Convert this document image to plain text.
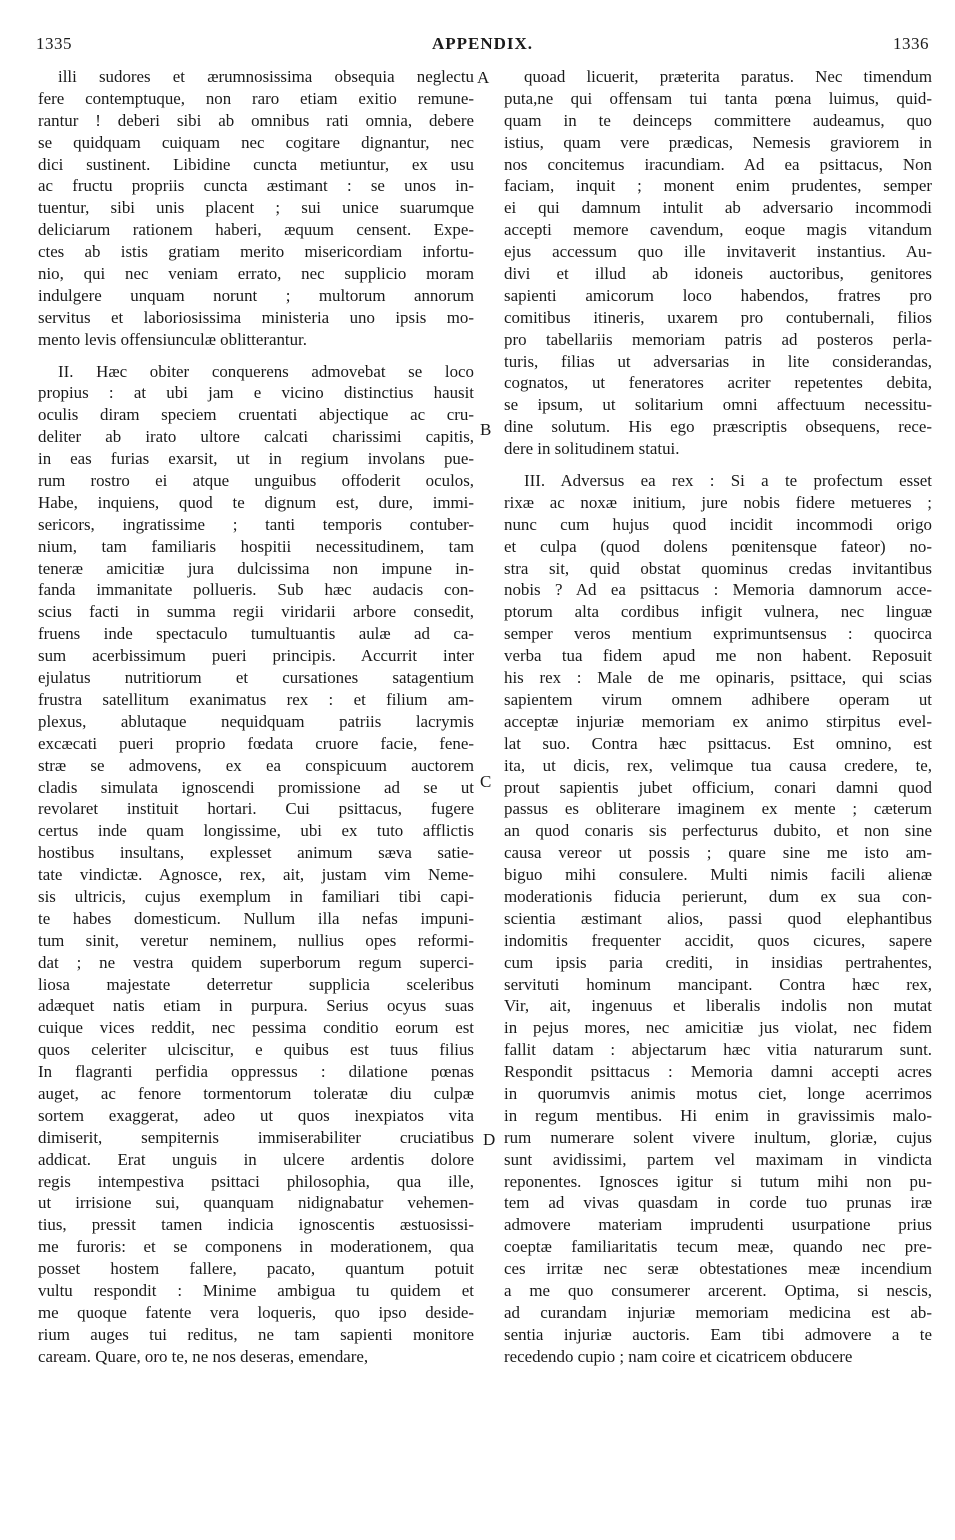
1335	APPENDIX.	1336
A
B
C
D
illi sudores et ærumnosissima obsequia neglectu
fere contemptuque, non raro etiam exitio remune-
rantur ! deberi sibi ab omnibus rati omnia, debere
se quidquam cuiquam nec cogitare dignantur, nec
dici sustinent. Libidine cuncta metiuntur, ex usu
ac fructu propriis cuncta æstimant : se unos in-
tuentur, sibi unis placent ; sui unice suarumque
deliciarum rationem haberi, æquum censent. Expe-
ctes ab istis gratiam merito misericordiam infortu-
nio, qui nec veniam errato, nec supplicio moram
indulgere unquam norunt ; multorum annorum
servitus et laboriosissima ministeria uno ipsis mo-
mento levis offensiunculæ oblitterantur.
II. Hæc obiter conquerens admovebat se loco
propius : at ubi jam e vicino distinctius hausit
oculis diram speciem cruentati abjectique ac cru-
deliter ab irato ultore calcati charissimi capitis,
in eas furias exarsit, ut in regium involans pue-
rum rostro ei atque unguibus offoderit oculos,
Habe, inquiens, quod te dignum est, dure, immi-
sericors, ingratissime ; tanti temporis contuber-
nium, tam familiaris hospitii necessitudinem, tam
teneræ amicitiæ jura dulcissima non impune in-
fanda immanitate pollueris. Sub hæc audacis con-
scius facti in summa regii viridarii arbore consedit,
fruens inde spectaculo tumultuantis aulæ ad ca-
sum acerbissimum pueri principis. Accurrit inter
ejulatus nutritiorum et cursationes satagentium
frustra satellitum exanimatus rex : et filium am-
plexus, ablutaque nequidquam patriis lacrymis
excæcati pueri proprio fœdata cruore facie, fene-
stræ se admovens, ex ea conspicuum auctorem
cladis simulata ignoscendi promissione ad se ut
revolaret instituit hortari. Cui psittacus, fugere
certus inde quam longissime, ubi ex tuto afflictis
hostibus insultans, explesset animum sæva satie-
tate vindictæ. Agnosce, rex, ait, justam vim Neme-
sis ultricis, cujus exemplum in familiari tibi capi-
te habes domesticum. Nullum illa nefas impuni-
tum sinit, veretur neminem, nullius opes reformi-
dat ; ne vestra quidem superborum regum superci-
liosa majestate deterretur supplicia sceleribus
adæquet natis etiam in purpura. Serius ocyus suas
cuique vices reddit, nec pessima conditio eorum est
quos celeriter ulciscitur, e quibus est tuus filius
In flagranti perfidia oppressus : dilatione pœnas
auget, ac fenore tormentorum toleratæ diu culpæ
sortem exaggerat, adeo ut quos inexpiatos vita
dimiserit, sempiternis immiserabiliter cruciatibus
addicat. Erat unguis in ulcere ardentis dolore
regis intempestiva psittaci philosophia, qua ille,
ut irrisione sui, quanquam nidignabatur vehemen-
tius, pressit tamen indicia ignoscentis æstuosissi-
me furoris: et se componens in moderationem, qua
posset hostem fallere, pacato, quantum potuit
vultu respondit : Minime ambigua tu quidem et
me quoque fatente vera loqueris, quo ipso deside-
rium auges tui reditus, ne tam sapienti monitore
caream. Quare, oro te, ne nos deseras, emendare,
quoad licuerit, præterita paratus. Nec timendum
puta,ne qui offensam tui tanta pœna luimus, quid-
quam in te deinceps committere audeamus, quo
istius, quam vere prædicas, Nemesis graviorem in
nos concitemus iracundiam. Ad ea psittacus, Non
faciam, inquit ; monent enim prudentes, semper
ei qui damnum intulit ab adversario incommodi
accepti memore cavendum, eoque magis vitandum
ejus accessum quo ille invitaverit instantius. Au-
divi et illud ab idoneis auctoribus, genitores
sapienti amicorum loco habendos, fratres pro
comitibus itineris, uxarem pro contubernali, filios
pro tabellariis memoriam patris ad posteros perla-
turis, filias ut adversarias in lite considerandas,
cognatos, ut feneratores acriter repetentes debita,
se ipsum, ut solitarium omni affectuum necessitu-
dine solutum. His ego præscriptis obsequens, rece-
dere in solitudinem statui.
III. Adversus ea rex : Si a te profectum esset
rixæ ac noxæ initium, jure nobis fidere metueres ;
nunc cum hujus quod incidit incommodi origo
et culpa (quod dolens pœnitensque fateor) no-
stra sit, quid obstat quominus credas invitantibus
nobis ? Ad ea psittacus : Memoria damnorum acce-
ptorum alta cordibus infigit vulnera, nec linguæ
semper veros mentium exprimuntsensus : quocirca
verba tua fidem apud me non habent. Reposuit
his rex : Male de me opinaris, psittace, qui scias
sapientem virum omnem adhibere operam ut
acceptæ injuriæ memoriam ex animo stirpitus evel-
lat suo. Contra hæc psittacus. Est omnino, est
ita, ut dicis, rex, velimque tua causa credere, te,
prout sapientis jubet officium, conari damni quod
passus es obliterare imaginem ex mente ; cæterum
an quod conaris sis perfecturus dubito, et non sine
causa vereor ut possis ; quare sine me isto am-
biguo mihi consulere. Multi nimis facili alienæ
moderationis fiducia perierunt, dum ex sua con-
scientia æstimant alios, passi quod elephantibus
indomitis frequenter accidit, quos cicures, sapere
cum ipsis paria crediti, in insidias pertrahentes,
servituti hominum mancipant. Contra hæc rex,
Vir, ait, ingenuus et liberalis indolis non mutat
in pejus mores, nec amicitiæ jus violat, nec fidem
fallit datam : abjectarum hæc vitia naturarum sunt.
Respondit psittacus : Memoria damni accepti acres
in quorumvis animis motus ciet, longe acerrimos
in regum mentibus. Hi enim in gravissimis malo-
rum numerare solent vivere inultum, gloriæ, cujus
sunt avidissimi, partem vel maximam in vindicta
reponentes. Ignosces igitur si tutum mihi non pu-
tem ad vivas quasdam in corde tuo prunas iræ
admovere materiam imprudenti usurpatione prius
coeptæ familiaritatis tecum meæ, quando nec pre-
ces irritæ nec seræ obtestationes meæ incendium
a me quo consumerer arcerent. Optima, si nescis,
ad curandam injuriæ memoriam medicina est ab-
sentia injuriæ auctoris. Eam tibi admovere a te
recedendo cupio ; nam coire et cicatricem obducere
